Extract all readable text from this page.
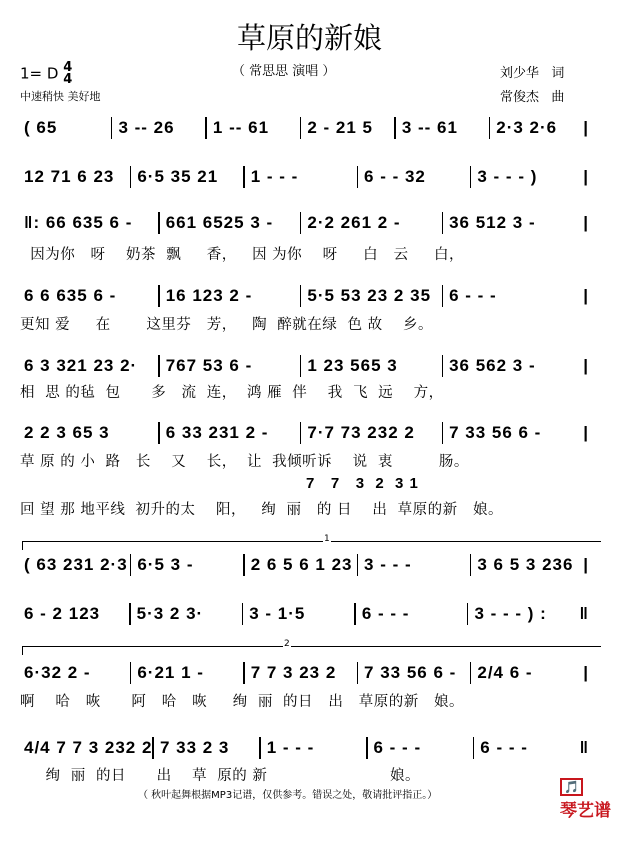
草原的新娘
（ 常思思 演唱 ）
1= D 4
4
中速稍快 美好地
刘少华   词
常俊杰   曲
( 65	3 -- 26	1 -- 61	2 - 21 5	3 -- 61	2·3 2·6	|
12 71 6 23	6·5 35 21	1 - - -	6 - - 32	3 - - - )	|
‖: 66 635 6 -	661 6525 3 -	2·2 261 2 -	36 512 3 -	|
因为你   呀    奶茶  飘     香，   因 为你    呀     白   云     白，
6 6 635 6 -	16 123 2 -	5·5 53 23 2 35	6 - - -	|
更知 爱     在       这里芬   芳，   陶  醉就在绿  色 故    乡。
6 3 321 23 2·	767 53 6 -	1 23 565 3	36 562 3 -	|
相  思 的毡  包      多   流  连，  鸿 雁  伴    我  飞  远    方，
2 2 3 65 3	6 33 231 2 -	7·7 73 232 2	7 33 56 6 -	|
草 原 的 小  路   长    又    长，  让  我倾听诉    说  衷         肠。
7   7   3  2  3 1
回 望 那 地平线  初升的太    阳，   绚  丽   的 日    出  草原的新   娘。
1
( 63 231 2·3 6·5 3 -	2 6 5 6 1 23 3 - - -	3 6 5 3 236 |
6 - 2 123	5·3 2 3·	3 - 1·5	6 - - -	3 - - - ) :	‖
2
6·32 2 -	6·21 1 -	7 7 3 23 2	7 33 56 6 -	2/4 6 -	|
啊    哈   咴      阿   哈   咴     绚  丽  的日   出   草原的新   娘。
4/4 7 7 3 232 2 7 33 2 3	1 - - -	6 - - -	6 - - -	‖
绚  丽  的日      出    草  原的 新                        娘。
（ 秋叶起舞根据MP3记谱，仅供参考。错误之处，敬请批评指正。）

🎵
琴艺谱
